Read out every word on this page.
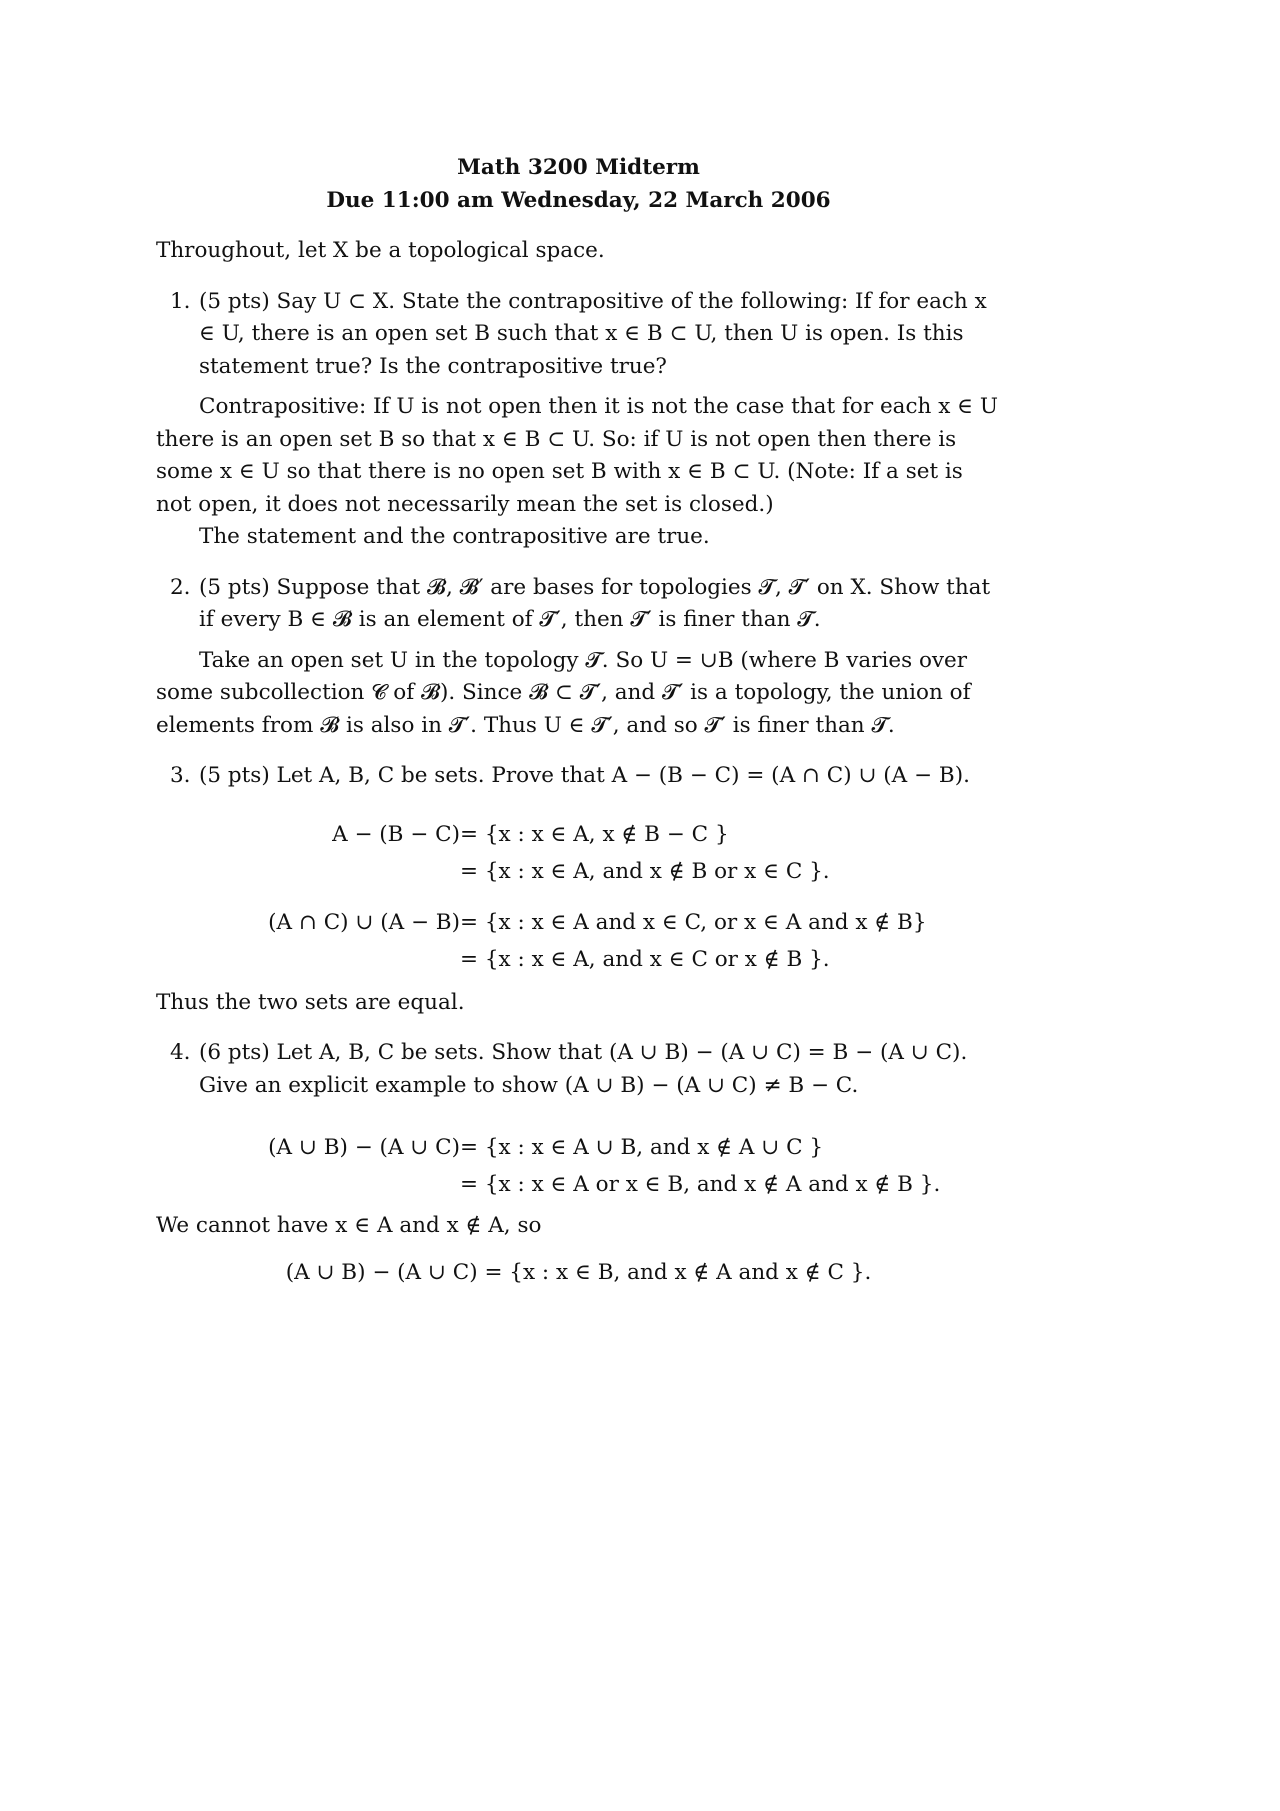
Math 3200 Midterm

Due 11:00 am Wednesday, 22 March 2006

Throughout, let X be a topological space.

1. (5 pts) Say U ⊂ X. State the contrapositive of the following: If for each x ∈ U, there is an open set B such that x ∈ B ⊂ U, then U is open. Is this statement true? Is the contrapositive true?

Contrapositive: If U is not open then it is not the case that for each x ∈ U there is an open set B so that x ∈ B ⊂ U. So: if U is not open then there is some x ∈ U so that there is no open set B with x ∈ B ⊂ U. (Note: If a set is not open, it does not necessarily mean the set is closed.)

The statement and the contrapositive are true.

2. (5 pts) Suppose that 𝓑, 𝓑′ are bases for topologies 𝓣, 𝓣′ on X. Show that if every B ∈ 𝓑 is an element of 𝓣′, then 𝓣′ is finer than 𝓣.

Take an open set U in the topology 𝓣. So U = ∪B (where B varies over some subcollection 𝓒 of 𝓑). Since 𝓑 ⊂ 𝓣′, and 𝓣′ is a topology, the union of elements from 𝓑 is also in 𝓣′. Thus U ∈ 𝓣′, and so 𝓣′ is finer than 𝓣.

3. (5 pts) Let A, B, C be sets. Prove that A − (B − C) = (A ∩ C) ∪ (A − B).

A − (B − C) = {x : x ∈ A, x ∉ B − C }
= {x : x ∈ A, and x ∉ B or x ∈ C }.
(A ∩ C) ∪ (A − B) = {x : x ∈ A and x ∈ C, or x ∈ A and x ∉ B}
= {x : x ∈ A, and x ∈ C or x ∉ B }.

Thus the two sets are equal.

4. (6 pts) Let A, B, C be sets. Show that (A ∪ B) − (A ∪ C) = B − (A ∪ C). Give an explicit example to show (A ∪ B) − (A ∪ C) ≠ B − C.

(A ∪ B) − (A ∪ C) = {x : x ∈ A ∪ B, and x ∉ A ∪ C }
= {x : x ∈ A or x ∈ B, and x ∉ A and x ∉ B }.

We cannot have x ∈ A and x ∉ A, so

(A ∪ B) − (A ∪ C) = {x : x ∈ B, and x ∉ A and x ∉ C }.
